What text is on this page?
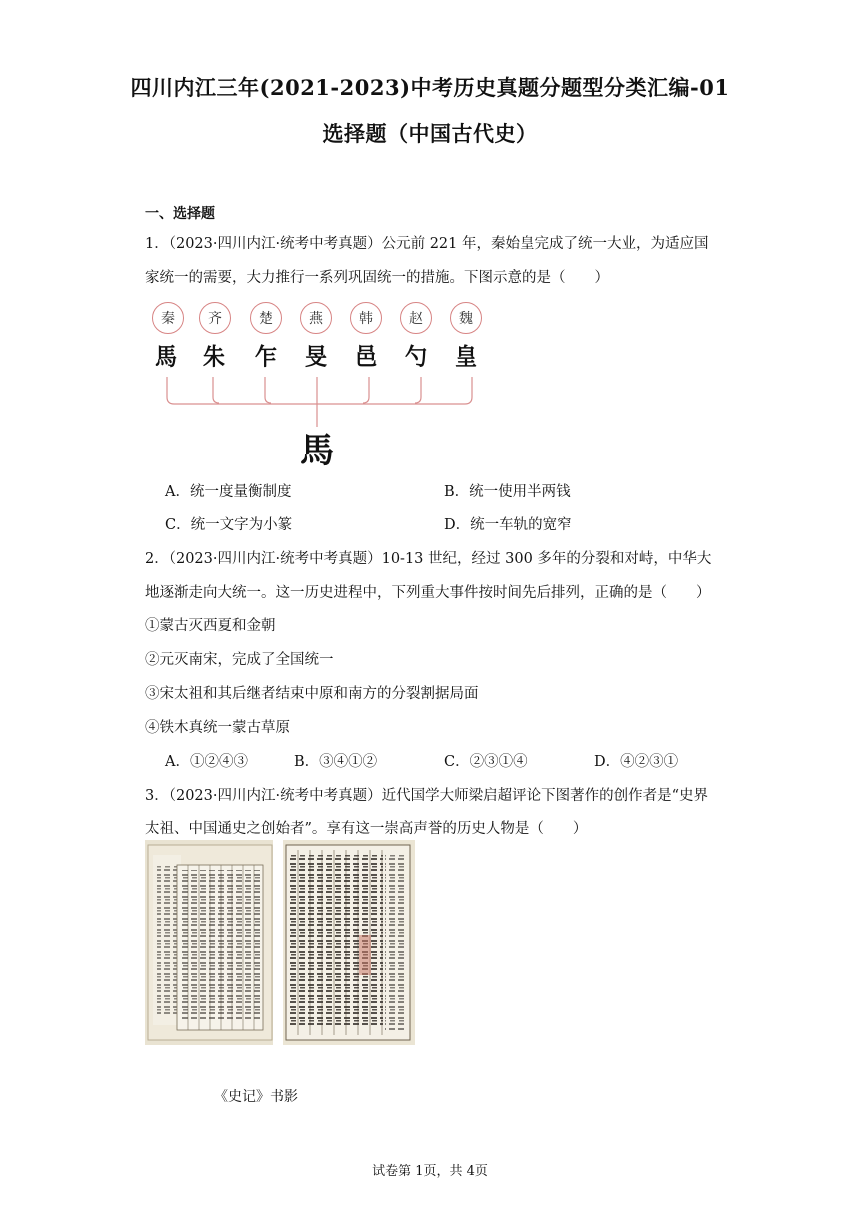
四川内江三年(2021-2023)中考历史真题分题型分类汇编-01
选择题（中国古代史）
一、选择题
1．（2023·四川内江·统考中考真题）公元前 221 年，秦始皇完成了统一大业，为适应国
家统一的需要，大力推行一系列巩固统一的措施。下图示意的是（　　）
秦	齐	楚	燕	韩	赵	魏
馬 朱 乍 旻 邑 勺 皇
馬
A．统一度量衡制度	B．统一使用半两钱
C．统一文字为小篆	D．统一车轨的宽窄
2．（2023·四川内江·统考中考真题）10-13 世纪，经过 300 多年的分裂和对峙，中华大
地逐渐走向大统一。这一历史进程中，下列重大事件按时间先后排列，正确的是（　　）
①蒙古灭西夏和金朝
②元灭南宋，完成了全国统一
③宋太祖和其后继者结束中原和南方的分裂割据局面
④铁木真统一蒙古草原
A．①②④③	B．③④①②	C．②③①④	D．④②③①
3．（2023·四川内江·统考中考真题）近代国学大师梁启超评论下图著作的创作者是“史界
太祖、中国通史之创始者”。享有这一崇高声誉的历史人物是（　　）
《史记》书影
试卷第 1页，共 4页
